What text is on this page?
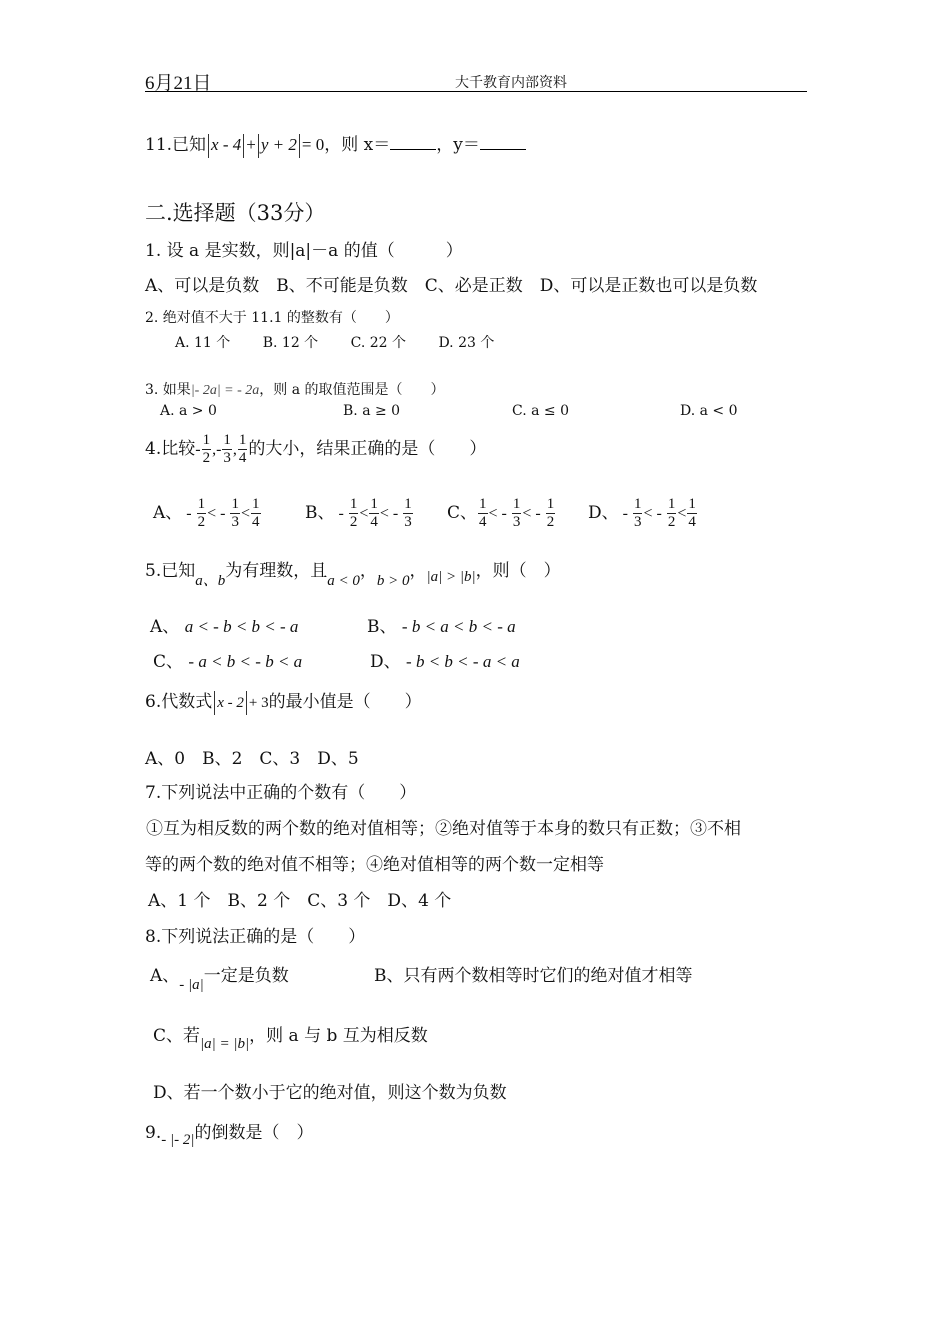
6月21日	大千教育内部资料
11.已知 x - 4 + y + 2 = 0，则 x＝	，y＝
二.选择题（33分）
1. 设 a 是实数，则|a|－a 的值（　　　）
A、可以是负数　B、不可能是负数　C、必是正数　D、可以是正数也可以是负数
2. 绝对值不大于 11.1 的整数有（　　）
A. 11 个　　 B. 12 个　　 C. 22 个　　 D. 23 个
3. 如果|- 2a| = - 2a，则 a 的取值范围是（　　）
A. a > 0	B. a ≥ 0	C. a ≤ 0	D. a < 0
4.比较- $\frac{1}{2}$ ,- $\frac{1}{3}$ , $\frac{1}{4}$ 的大小，结果正确的是（　　）
A、 - $\frac{1}{2}$ < - $\frac{1}{3} < \frac{1}{4}$	B、 - $\frac{1}{2} < \frac{1}{4}$ < - $\frac{1}{3}$ C、 $\frac{1}{4}$ < - $\frac{1}{3}$ < - $\frac{1}{2}$ D、 - $\frac{1}{3}$ < - $\frac{1}{2} < \frac{1}{4}$
5.已知a、b为有理数，且a < 0，b > 0，|a| > |b|，则（　）
A、 a < - b < b < - a	B、 - b < a < b < - a
C、 - a < b < - b < a	D、 - b < b < - a < a
6.代数式 x - 2 + 3的最小值是（　　）
A、0　B、2　C、3　D、5
7.下列说法中正确的个数有（　　）
①互为相反数的两个数的绝对值相等；②绝对值等于本身的数只有正数；③不相
等的两个数的绝对值不相等；④绝对值相等的两个数一定相等
A、1 个　B、2 个　C、3 个　D、4 个
8.下列说法正确的是（　　）
A、- |a|一定是负数	B、只有两个数相等时它们的绝对值才相等
C、若|a| = |b|，则 a 与 b 互为相反数
D、若一个数小于它的绝对值，则这个数为负数
9.- |- 2|的倒数是（　）
